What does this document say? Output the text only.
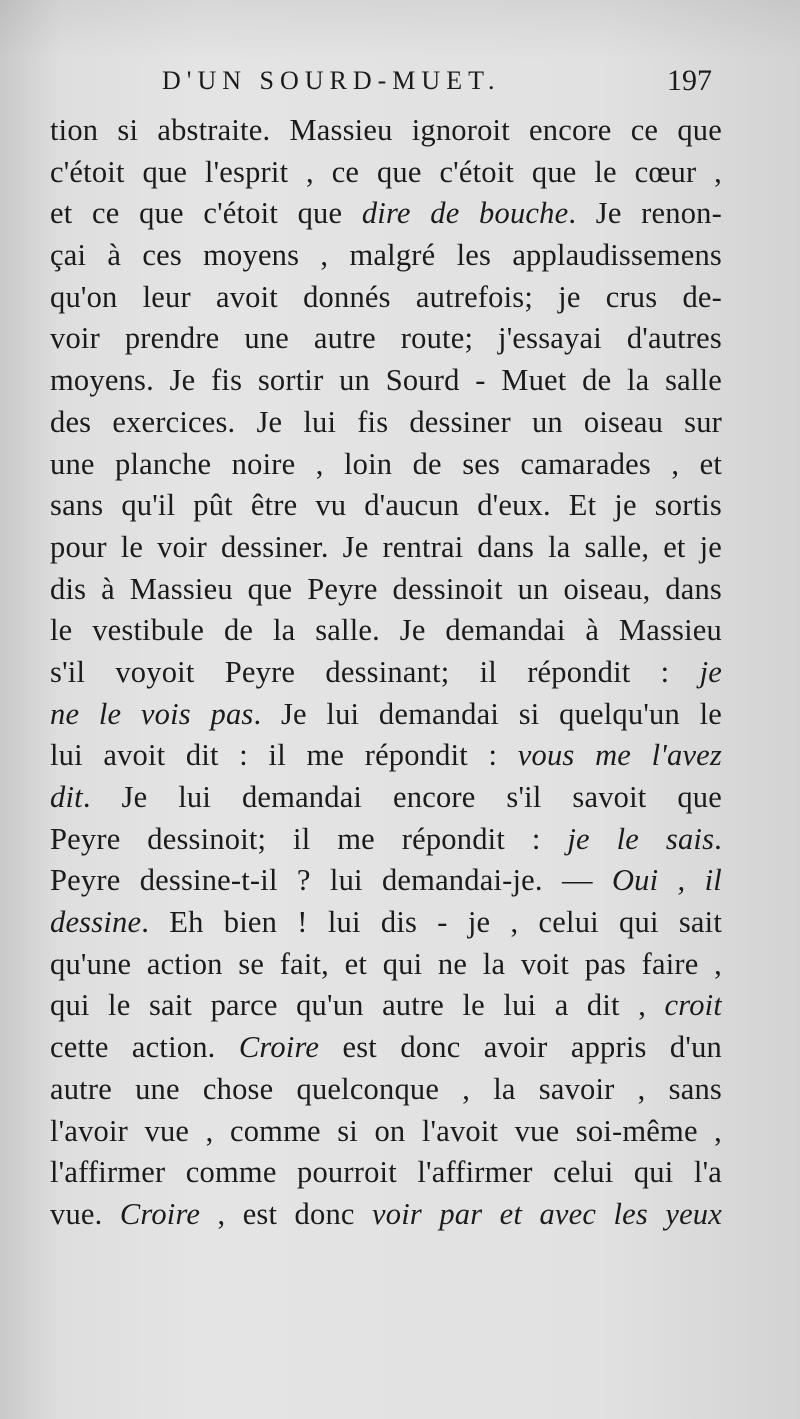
D'UN SOURD-MUET.	197
tion si abstraite. Massieu ignoroit encore ce que
c'étoit que l'esprit , ce que c'étoit que le cœur ,
et ce que c'étoit que dire de bouche. Je renon-
çai à ces moyens , malgré les applaudissemens
qu'on leur avoit donnés autrefois; je crus de-
voir prendre une autre route; j'essayai d'autres
moyens. Je fis sortir un Sourd - Muet de la salle
des exercices. Je lui fis dessiner un oiseau sur
une planche noire , loin de ses camarades , et
sans qu'il pût être vu d'aucun d'eux. Et je sortis
pour le voir dessiner. Je rentrai dans la salle, et je
dis à Massieu que Peyre dessinoit un oiseau, dans
le vestibule de la salle. Je demandai à Massieu
s'il voyoit Peyre dessinant; il répondit : je
ne le vois pas. Je lui demandai si quelqu'un le
lui avoit dit : il me répondit : vous me l'avez
dit. Je lui demandai encore s'il savoit que
Peyre dessinoit; il me répondit : je le sais.
Peyre dessine-t-il ? lui demandai-je. — Oui , il
dessine. Eh bien ! lui dis - je , celui qui sait
qu'une action se fait, et qui ne la voit pas faire ,
qui le sait parce qu'un autre le lui a dit , croit
cette action. Croire est donc avoir appris d'un
autre une chose quelconque , la savoir , sans
l'avoir vue , comme si on l'avoit vue soi-même ,
l'affirmer comme pourroit l'affirmer celui qui l'a
vue. Croire , est donc voir par et avec les yeux
